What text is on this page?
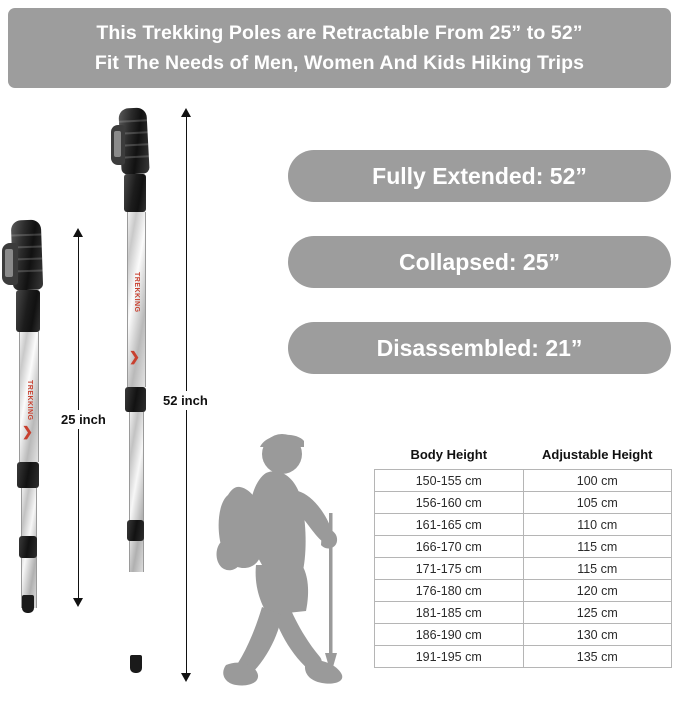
This Trekking Poles are Retractable From 25” to 52”
Fit The Needs of Men, Women And Kids Hiking Trips
Fully Extended: 52”
Collapsed: 25”
Disassembled: 21”
TREKKING
❯
TREKKING
❯
25 inch
52 inch
Body Height	Adjustable Height
150-155 cm	100 cm
156-160 cm	105 cm
161-165 cm	110 cm
166-170 cm	115 cm
171-175 cm	115 cm
176-180 cm	120 cm
181-185 cm	125 cm
186-190 cm	130 cm
191-195 cm	135 cm
